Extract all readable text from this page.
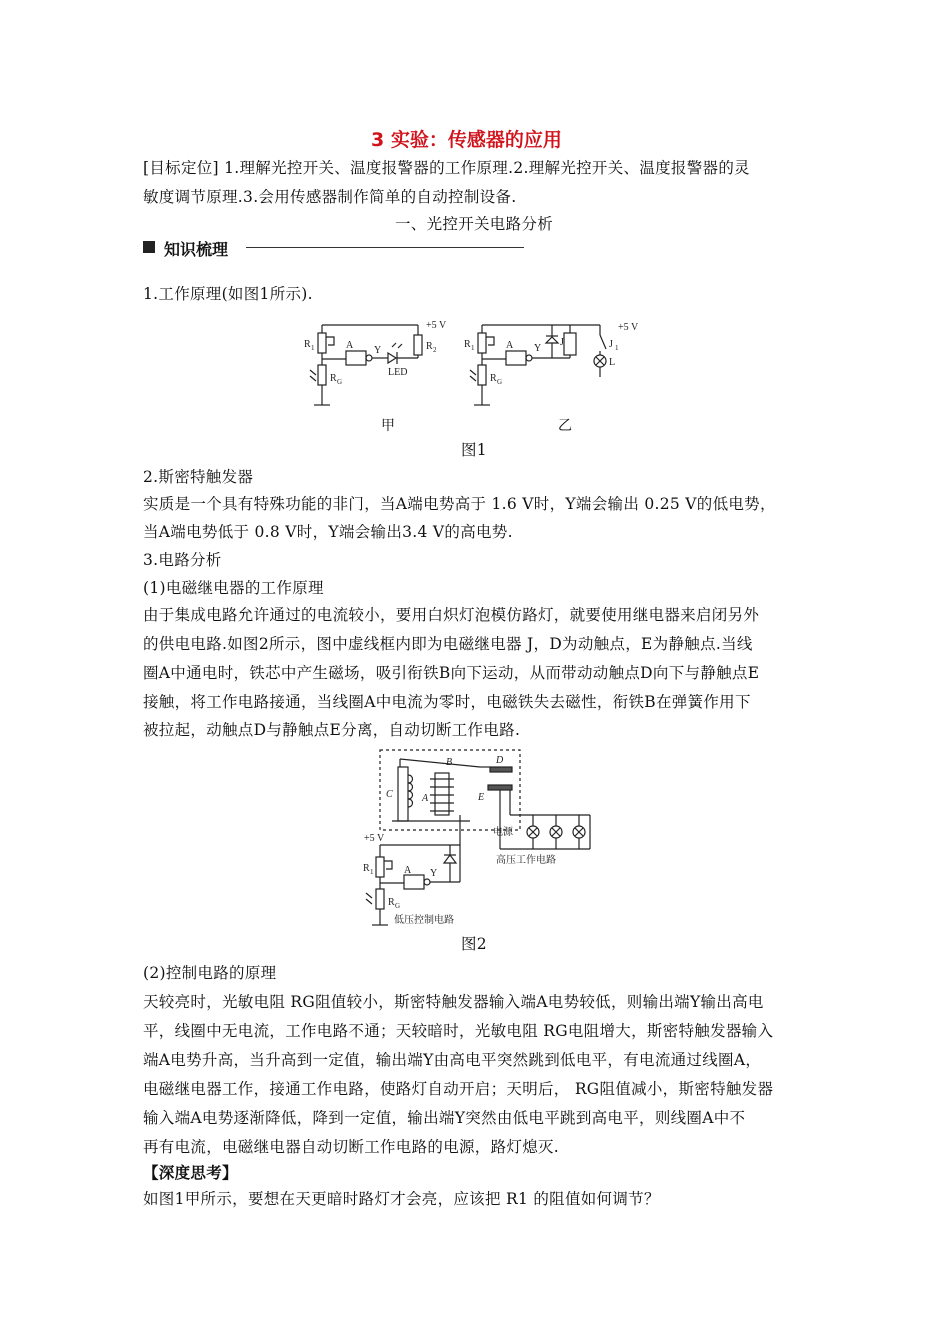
3 实验：传感器的应用
[目标定位] 1.理解光控开关、温度报警器的工作原理.2.理解光控开关、温度报警器的灵
敏度调节原理.3.会用传感器制作简单的自动控制设备.
一、光控开关电路分析
知识梳理
1.工作原理(如图1所示).
+5 V
R 1
R G
A Y	R 2
LED
+5 V
R 1
R G
A Y
J	J 1
L
甲	乙
图1
2.斯密特触发器
实质是一个具有特殊功能的非门，当A端电势高于 1.6 V时，Y端会输出 0.25 V的低电势，
当A端电势低于 0.8 V时，Y端会输出3.4 V的高电势.
3.电路分析
(1)电磁继电器的工作原理
由于集成电路允许通过的电流较小，要用白炽灯泡模仿路灯，就要使用继电器来启闭另外
的供电电路.如图2所示，图中虚线框内即为电磁继电器 J，D为动触点，E为静触点.当线
圈A中通电时，铁芯中产生磁场，吸引衔铁B向下运动，从而带动动触点D向下与静触点E
接触，将工作电路接通，当线圈A中电流为零时，电磁铁失去磁性，衔铁B在弹簧作用下
被拉起，动触点D与静触点E分离，自动切断工作电路.
B	D
C	A	E
电源
高压工作电路
+5 V
R 1
R G
A Y
低压控制电路
图2
(2)控制电路的原理
天较亮时，光敏电阻 RG阻值较小，斯密特触发器输入端A电势较低，则输出端Y输出高电
平，线圈中无电流，工作电路不通；天较暗时，光敏电阻 RG电阻增大，斯密特触发器输入
端A电势升高，当升高到一定值，输出端Y由高电平突然跳到低电平，有电流通过线圈A，
电磁继电器工作，接通工作电路，使路灯自动开启；天明后， RG阻值减小，斯密特触发器
输入端A电势逐渐降低，降到一定值，输出端Y突然由低电平跳到高电平，则线圈A中不
再有电流，电磁继电器自动切断工作电路的电源，路灯熄灭.
【深度思考】
如图1甲所示，要想在天更暗时路灯才会亮，应该把 R1 的阻值如何调节？
